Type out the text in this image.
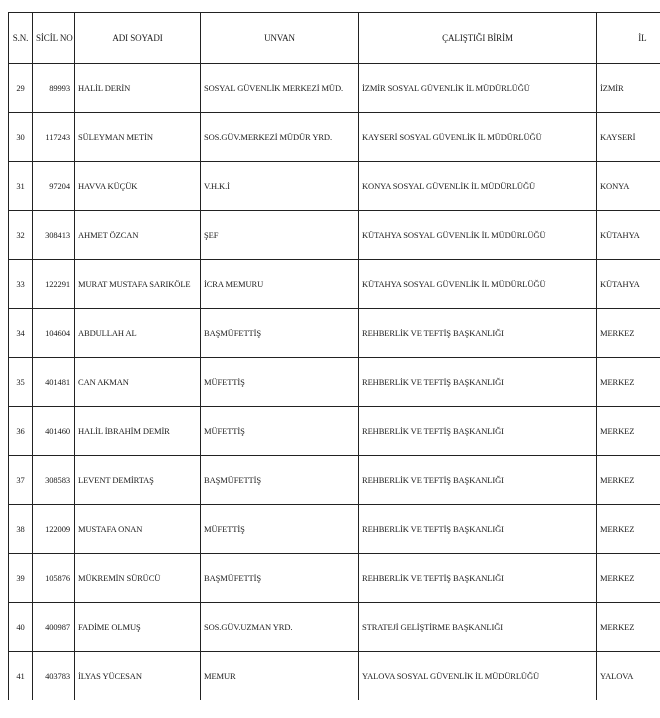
S.N.	SİCİL NO	ADI SOYADI	UNVAN	ÇALIŞTIĞI BİRİM	İL
29	89993	HALİL DERİN	SOSYAL GÜVENLİK MERKEZİ MÜD.	İZMİR SOSYAL GÜVENLİK İL MÜDÜRLÜĞÜ	İZMİR
30	117243	SÜLEYMAN METİN	SOS.GÜV.MERKEZİ MÜDÜR YRD.	KAYSERİ SOSYAL GÜVENLİK İL MÜDÜRLÜĞÜ	KAYSERİ
31	97204	HAVVA KÜÇÜK	V.H.K.İ	KONYA SOSYAL GÜVENLİK İL MÜDÜRLÜĞÜ	KONYA
32	308413	AHMET ÖZCAN	ŞEF	KÜTAHYA SOSYAL GÜVENLİK İL MÜDÜRLÜĞÜ	KÜTAHYA
33	122291	MURAT MUSTAFA SARIKÖLE	İCRA MEMURU	KÜTAHYA SOSYAL GÜVENLİK İL MÜDÜRLÜĞÜ	KÜTAHYA
34	104604	ABDULLAH AL	BAŞMÜFETTİŞ	REHBERLİK VE TEFTİŞ BAŞKANLIĞI	MERKEZ
35	401481	CAN AKMAN	MÜFETTİŞ	REHBERLİK VE TEFTİŞ BAŞKANLIĞI	MERKEZ
36	401460	HALİL İBRAHİM DEMİR	MÜFETTİŞ	REHBERLİK VE TEFTİŞ BAŞKANLIĞI	MERKEZ
37	308583	LEVENT DEMİRTAŞ	BAŞMÜFETTİŞ	REHBERLİK VE TEFTİŞ BAŞKANLIĞI	MERKEZ
38	122009	MUSTAFA ONAN	MÜFETTİŞ	REHBERLİK VE TEFTİŞ BAŞKANLIĞI	MERKEZ
39	105876	MÜKREMİN SÜRÜCÜ	BAŞMÜFETTİŞ	REHBERLİK VE TEFTİŞ BAŞKANLIĞI	MERKEZ
40	400987	FADİME OLMUŞ	SOS.GÜV.UZMAN YRD.	STRATEJİ GELİŞTİRME BAŞKANLIĞI	MERKEZ
41	403783	İLYAS YÜCESAN	MEMUR	YALOVA SOSYAL GÜVENLİK İL MÜDÜRLÜĞÜ	YALOVA
